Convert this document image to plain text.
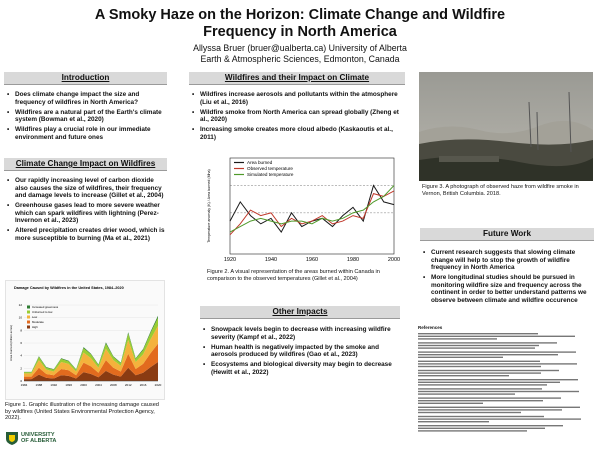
A Smoky Haze on the Horizon: Climate Change and Wildfire
Frequency in North America
Allyssa Bruer (bruer@ualberta.ca) University of Alberta
Earth & Atmospheric Sciences, Edmonton, Canada
Introduction
• Does climate change impact the size and frequency of wildfires in North America?
• Wildfires are a natural part of the Earth's climate system (Bowman et al., 2020)
• Wildfires play a crucial role in our immediate environment and future ones
Climate Change Impact on Wildfires
• Our rapidly increasing level of carbon dioxide also causes the size of wildfires, their frequency and damage levels to increase (Gillet et al., 2004)
• Greenhouse gases lead to more severe weather which can spark wildfires with lightning (Perez-Invernon et al., 2023)
• Altered precipitation creates drier wood, which is more susceptible to burning (Ma et al., 2021)
Damage Caused by Wildfires in the United States, 1984–2020
Area burned (million acres)
0
2
4
6
8
10
12
1984	1988	1992	1996	2000	2004	2008	2012	2016	2020
Increased greenness
Unburned to low
Low
Moderate
High
Figure 1. Graphic illustration of the increasing damage caused by wildfires (United States Environmental Protection Agency, 2022).
UNIVERSITY
OF ALBERTA
Wildfires and their Impact on Climate
• Wildfires increase aerosols and pollutants within the atmosphere (Liu et al., 2016)
• Wildfire smoke from North America can spread globally (Zheng et al., 2020)
• Increasing smoke creates more cloud albedo (Kaskaoutis et al., 2011)
1920	1940	1960	1980	2000
Temperature anomaly (K) / Area burned (Mha)
Area burned
Observed temperature
Simulated temperature
Figure 2. A visual representation of the areas burned within Canada in comparison to the observed temperatures (Gillet et al., 2004)
Other Impacts
• Snowpack levels begin to decrease with increasing wildfire severity (Kampf et al., 2022)
• Human health is negatively impacted by the smoke and aerosols produced by wildfires (Gao et al., 2023)
• Ecosystems and biological diversity may begin to decrease (Hewitt et al., 2022)
Figure 3. A photograph of observed haze from wildfire smoke in Vernon, British Columbia. 2018.
Future Work
• Current research suggests that slowing climate change will help to stop the growth of wildfire frequency in North America
• More longitudinal studies should be pursued in monitoring wildfire size and frequency across the continent in order to better understand patterns we observe between climate and wildfire occurence
References
